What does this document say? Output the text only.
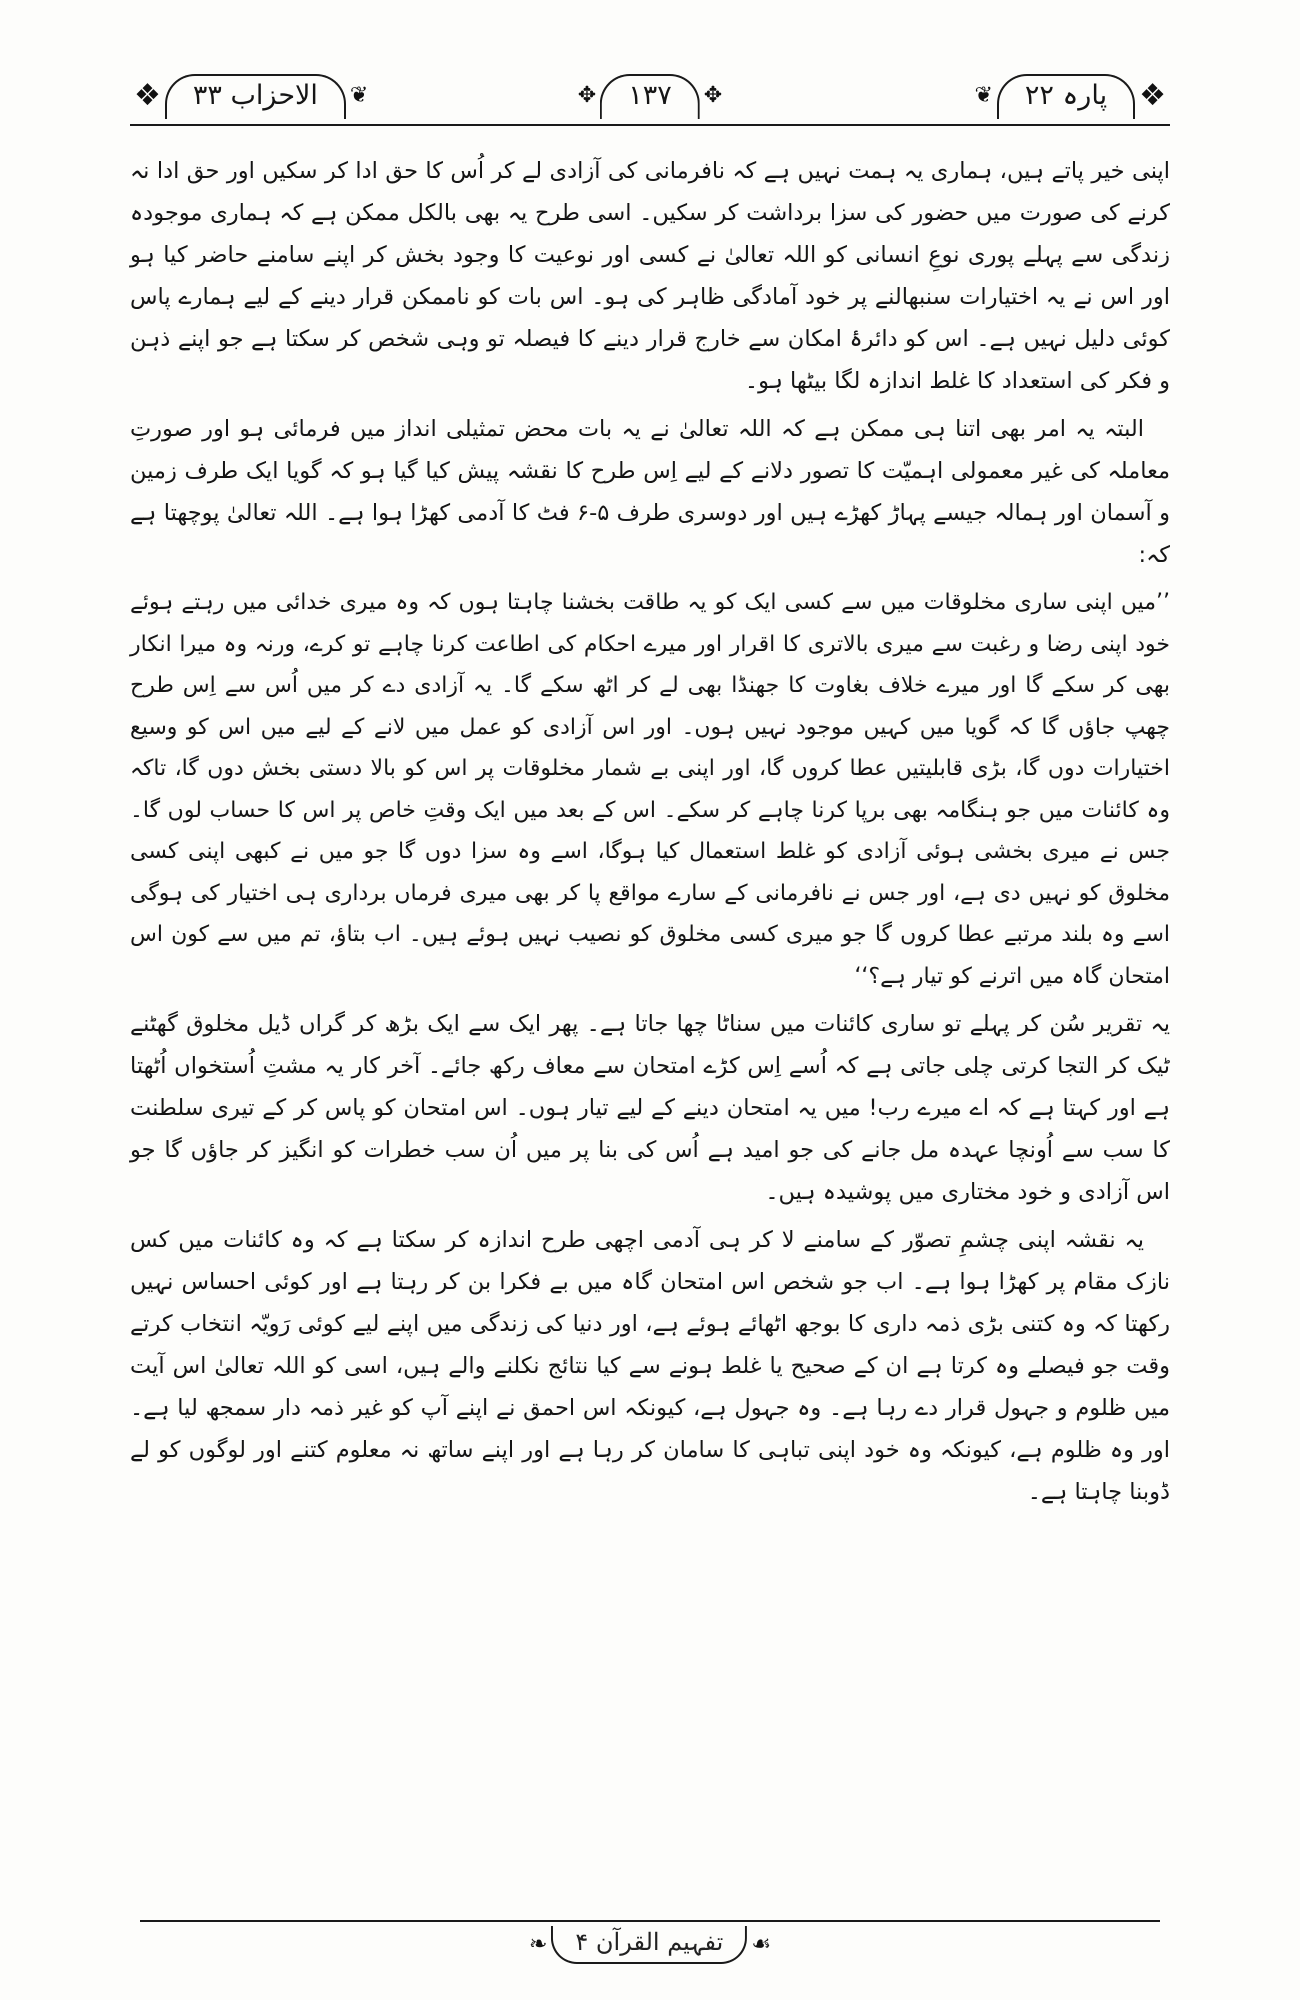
❦	پارہ ۲۲	❖
✥	۱۳۷	✥
❖	الاحزاب ۳۳	❦

اپنی خیر پاتے ہیں، ہماری یہ ہمت نہیں ہے کہ نافرمانی کی آزادی لے کر اُس کا حق ادا کر سکیں اور حق ادا نہ کرنے کی صورت میں حضور کی سزا برداشت کر سکیں۔ اسی طرح یہ بھی بالکل ممکن ہے کہ ہماری موجودہ زندگی سے پہلے پوری نوعِ انسانی کو اللہ تعالیٰ نے کسی اور نوعیت کا وجود بخش کر اپنے سامنے حاضر کیا ہو اور اس نے یہ اختیارات سنبھالنے پر خود آمادگی ظاہر کی ہو۔ اس بات کو ناممکن قرار دینے کے لیے ہمارے پاس کوئی دلیل نہیں ہے۔ اس کو دائرۂ امکان سے خارج قرار دینے کا فیصلہ تو وہی شخص کر سکتا ہے جو اپنے ذہن و فکر کی استعداد کا غلط اندازہ لگا بیٹھا ہو۔

البتہ یہ امر بھی اتنا ہی ممکن ہے کہ اللہ تعالیٰ نے یہ بات محض تمثیلی انداز میں فرمائی ہو اور صورتِ معاملہ کی غیر معمولی اہمیّت کا تصور دلانے کے لیے اِس طرح کا نقشہ پیش کیا گیا ہو کہ گویا ایک طرف زمین و آسمان اور ہمالہ جیسے پہاڑ کھڑے ہیں اور دوسری طرف ۵-۶ فٹ کا آدمی کھڑا ہوا ہے۔ اللہ تعالیٰ پوچھتا ہے کہ:

’’میں اپنی ساری مخلوقات میں سے کسی ایک کو یہ طاقت بخشنا چاہتا ہوں کہ وہ میری خدائی میں رہتے ہوئے خود اپنی رضا و رغبت سے میری بالاتری کا اقرار اور میرے احکام کی اطاعت کرنا چاہے تو کرے، ورنہ وہ میرا انکار بھی کر سکے گا اور میرے خلاف بغاوت کا جھنڈا بھی لے کر اٹھ سکے گا۔ یہ آزادی دے کر میں اُس سے اِس طرح چھپ جاؤں گا کہ گویا میں کہیں موجود نہیں ہوں۔ اور اس آزادی کو عمل میں لانے کے لیے میں اس کو وسیع اختیارات دوں گا، بڑی قابلیتیں عطا کروں گا، اور اپنی بے شمار مخلوقات پر اس کو بالا دستی بخش دوں گا، تاکہ وہ کائنات میں جو ہنگامہ بھی برپا کرنا چاہے کر سکے۔ اس کے بعد میں ایک وقتِ خاص پر اس کا حساب لوں گا۔ جس نے میری بخشی ہوئی آزادی کو غلط استعمال کیا ہوگا، اسے وہ سزا دوں گا جو میں نے کبھی اپنی کسی مخلوق کو نہیں دی ہے، اور جس نے نافرمانی کے سارے مواقع پا کر بھی میری فرماں برداری ہی اختیار کی ہوگی اسے وہ بلند مرتبے عطا کروں گا جو میری کسی مخلوق کو نصیب نہیں ہوئے ہیں۔ اب بتاؤ، تم میں سے کون اس امتحان گاہ میں اترنے کو تیار ہے؟‘‘

یہ تقریر سُن کر پہلے تو ساری کائنات میں سناٹا چھا جاتا ہے۔ پھر ایک سے ایک بڑھ کر گراں ڈیل مخلوق گھٹنے ٹیک کر التجا کرتی چلی جاتی ہے کہ اُسے اِس کڑے امتحان سے معاف رکھ جائے۔ آخر کار یہ مشتِ اُستخواں اُٹھتا ہے اور کہتا ہے کہ اے میرے رب! میں یہ امتحان دینے کے لیے تیار ہوں۔ اس امتحان کو پاس کر کے تیری سلطنت کا سب سے اُونچا عہدہ مل جانے کی جو امید ہے اُس کی بنا پر میں اُن سب خطرات کو انگیز کر جاؤں گا جو اس آزادی و خود مختاری میں پوشیدہ ہیں۔

یہ نقشہ اپنی چشمِ تصوّر کے سامنے لا کر ہی آدمی اچھی طرح اندازہ کر سکتا ہے کہ وہ کائنات میں کس نازک مقام پر کھڑا ہوا ہے۔ اب جو شخص اس امتحان گاہ میں بے فکرا بن کر رہتا ہے اور کوئی احساس نہیں رکھتا کہ وہ کتنی بڑی ذمہ داری کا بوجھ اٹھائے ہوئے ہے، اور دنیا کی زندگی میں اپنے لیے کوئی رَویّہ انتخاب کرتے وقت جو فیصلے وہ کرتا ہے ان کے صحیح یا غلط ہونے سے کیا نتائج نکلنے والے ہیں، اسی کو اللہ تعالیٰ اس آیت میں ظلوم و جہول قرار دے رہا ہے۔ وہ جہول ہے، کیونکہ اس احمق نے اپنے آپ کو غیر ذمہ دار سمجھ لیا ہے۔ اور وہ ظلوم ہے، کیونکہ وہ خود اپنی تباہی کا سامان کر رہا ہے اور اپنے ساتھ نہ معلوم کتنے اور لوگوں کو لے ڈوبنا چاہتا ہے۔

❧	تفہیم القرآن ۴	☙
